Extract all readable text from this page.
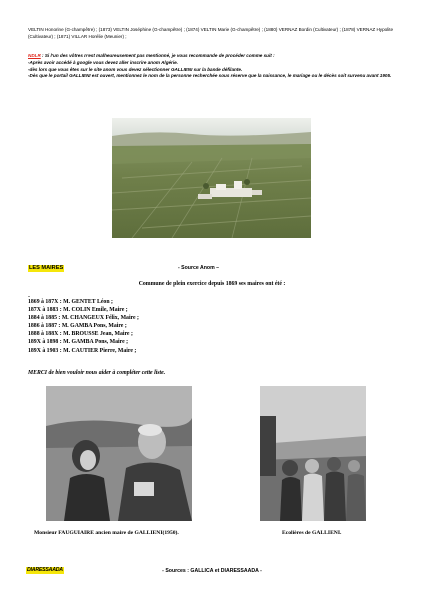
VELTIN Honorine (G-champêtre) ; (1873) VELTIN Joséphine (G-champêtre) ; (1874) VELTIN Marie (G-champêtre) ; (1880) VERNAZ Bordin (Cultivateur) ; (1878) VERNAZ Hypolite (Cultivateur) ; (1871) VILLAR Horélie (Meunier) ;

NDLR : Si l’un des vôtres n’est malheureusement pas mentionné, je vous recommande de procéder comme suit :

-Après avoir accédé à google vous devez aller inscrire anom Algérie.

-dès lors que vous êtes sur le site anom vous devez sélectionner GALLIENI sur la bande défilante.

-Dès que le portail GALLIENI est ouvert, mentionnez le nom de la personne recherchée sous réserve que la naissance, le mariage ou le décès soit survenu avant 1905.

LES MAIRES	- Source Anom –
Commune de plein exercice depuis 1869 ses maires ont été :
-
1869 à 187X : M. GENTET Léon ;
187X à 1883 : M. COLIN Emile, Maire ;
1884 à 1885 : M. CHANGEUX Félix, Maire ;
1886 à 1887 : M. GAMBA Pons, Maire ;
1888 à 188X : M. BROUSSE Jean, Maire ;
189X à 1898 : M. GAMBA Pons, Maire ;
189X à 1903 : M. CAUTIER Pierre, Maire ;
MERCI de bien vouloir nous aider à compléter cette liste.
Monsieur FAUGUIAIRE ancien maire de GALLIENI(1950).	Ecolières de GALLIENI.
DIARESSAADA	- Sources : GALLICA et DIARESSAADA -
